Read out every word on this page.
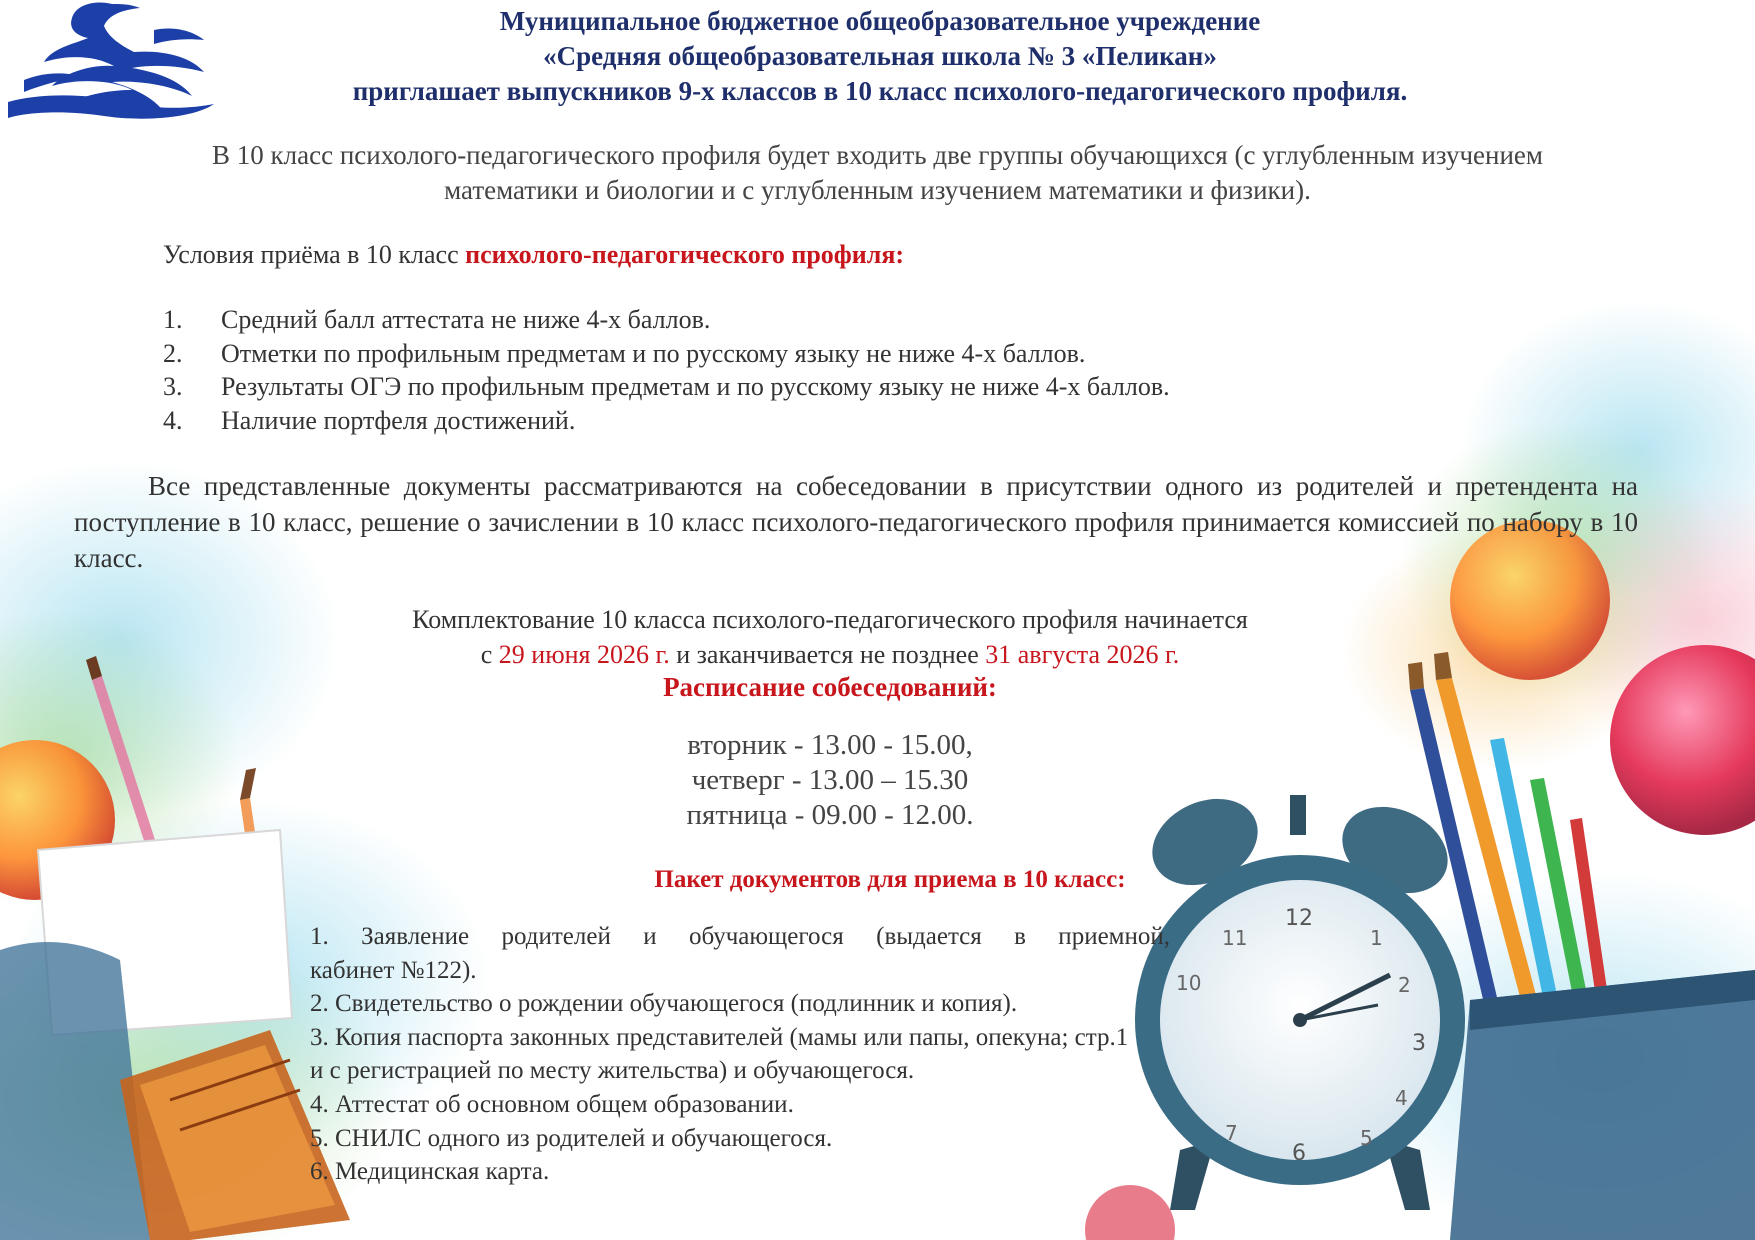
12
11
10
1
2
3
4
5
6
7
Муниципальное бюджетное общеобразовательное учреждение
«Средняя общеобразовательная школа № 3 «Пеликан»
приглашает выпускников 9-х классов в 10 класс психолого-педагогического профиля.
В 10 класс психолого-педагогического профиля будет входить две группы обучающихся (с углубленным изучением
математики и биологии и с углубленным изучением математики и физики).
Условия приёма в 10 класс психолого-педагогического профиля:
1.	Средний балл аттестата не ниже 4-х баллов.
2.	Отметки по профильным предметам и по русскому языку не ниже 4-х баллов.
3.	Результаты ОГЭ по профильным предметам и по русскому языку не ниже 4-х баллов.
4.	Наличие портфеля достижений.
Все представленные документы рассматриваются на собеседовании в присутствии одного из родителей и претендента на поступление в 10 класс, решение о зачислении в 10 класс психолого-педагогического профиля принимается комиссией по набору в 10 класс.
Комплектование 10 класса психолого-педагогического профиля начинается
с 29 июня 2026 г. и заканчивается не позднее 31 августа 2026 г.
Расписание собеседований:
вторник - 13.00 - 15.00,
четверг - 13.00 – 15.30
пятница - 09.00 - 12.00.
Пакет документов для приема в 10 класс:
1. Заявление родителей и обучающегося (выдается в приемной,
кабинет №122).
2. Свидетельство о рождении обучающегося (подлинник и копия).
3. Копия паспорта законных представителей (мамы или папы, опекуна; стр.1
и с регистрацией по месту жительства) и обучающегося.
4. Аттестат об основном общем образовании.
5. СНИЛС одного из родителей и обучающегося.
6. Медицинская карта.
